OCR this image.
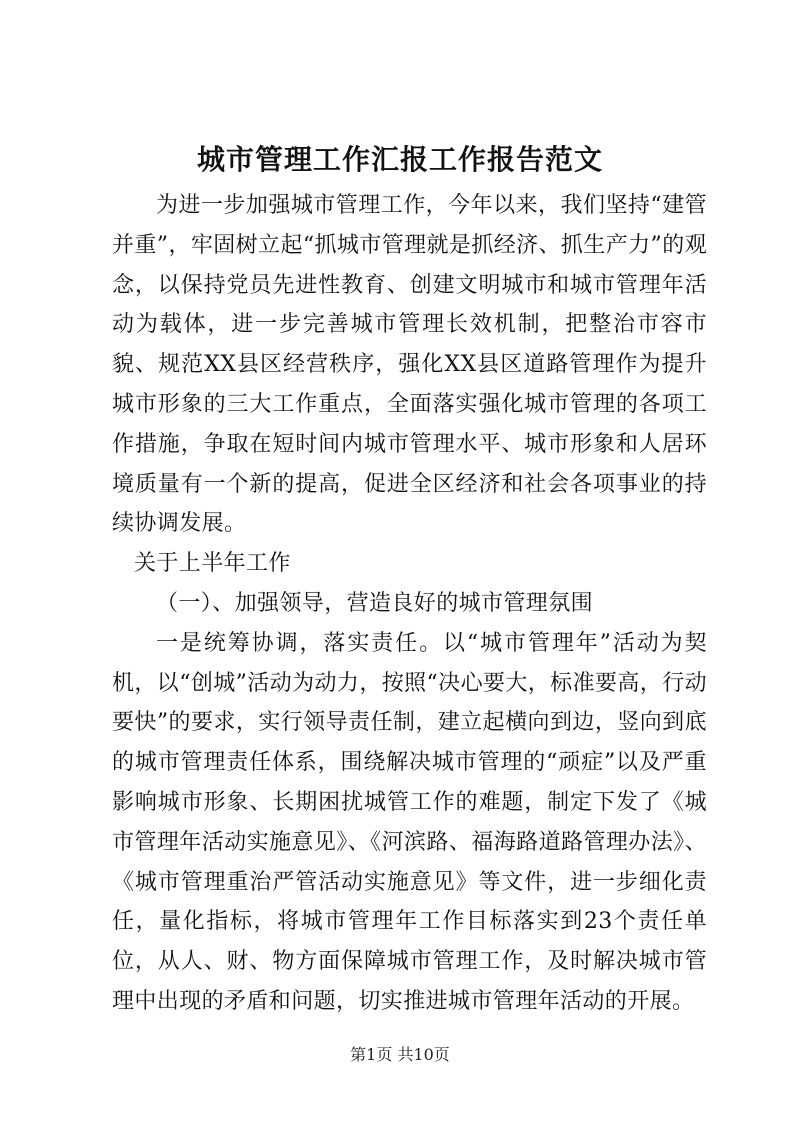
城市管理工作汇报工作报告范文

为进一步加强城市管理工作，今年以来，我们坚持“建管并重”，牢固树立起“抓城市管理就是抓经济、抓生产力”的观念，以保持党员先进性教育、创建文明城市和城市管理年活动为载体，进一步完善城市管理长效机制，把整治市容市貌、规范XX县区经营秩序，强化XX县区道路管理作为提升城市形象的三大工作重点，全面落实强化城市管理的各项工作措施，争取在短时间内城市管理水平、城市形象和人居环境质量有一个新的提高，促进全区经济和社会各项事业的持续协调发展。

关于上半年工作

（一）、加强领导，营造良好的城市管理氛围

一是统筹协调，落实责任。以“城市管理年”活动为契机，以“创城”活动为动力，按照“决心要大，标准要高，行动要快”的要求，实行领导责任制，建立起横向到边，竖向到底的城市管理责任体系，围绕解决城市管理的“顽症”以及严重影响城市形象、长期困扰城管工作的难题，制定下发了《城市管理年活动实施意见》、《河滨路、福海路道路管理办法》、《城市管理重治严管活动实施意见》等文件，进一步细化责任，量化指标，将城市管理年工作目标落实到23个责任单位，从人、财、物方面保障城市管理工作，及时解决城市管理中出现的矛盾和问题，切实推进城市管理年活动的开展。

第1页 共10页
